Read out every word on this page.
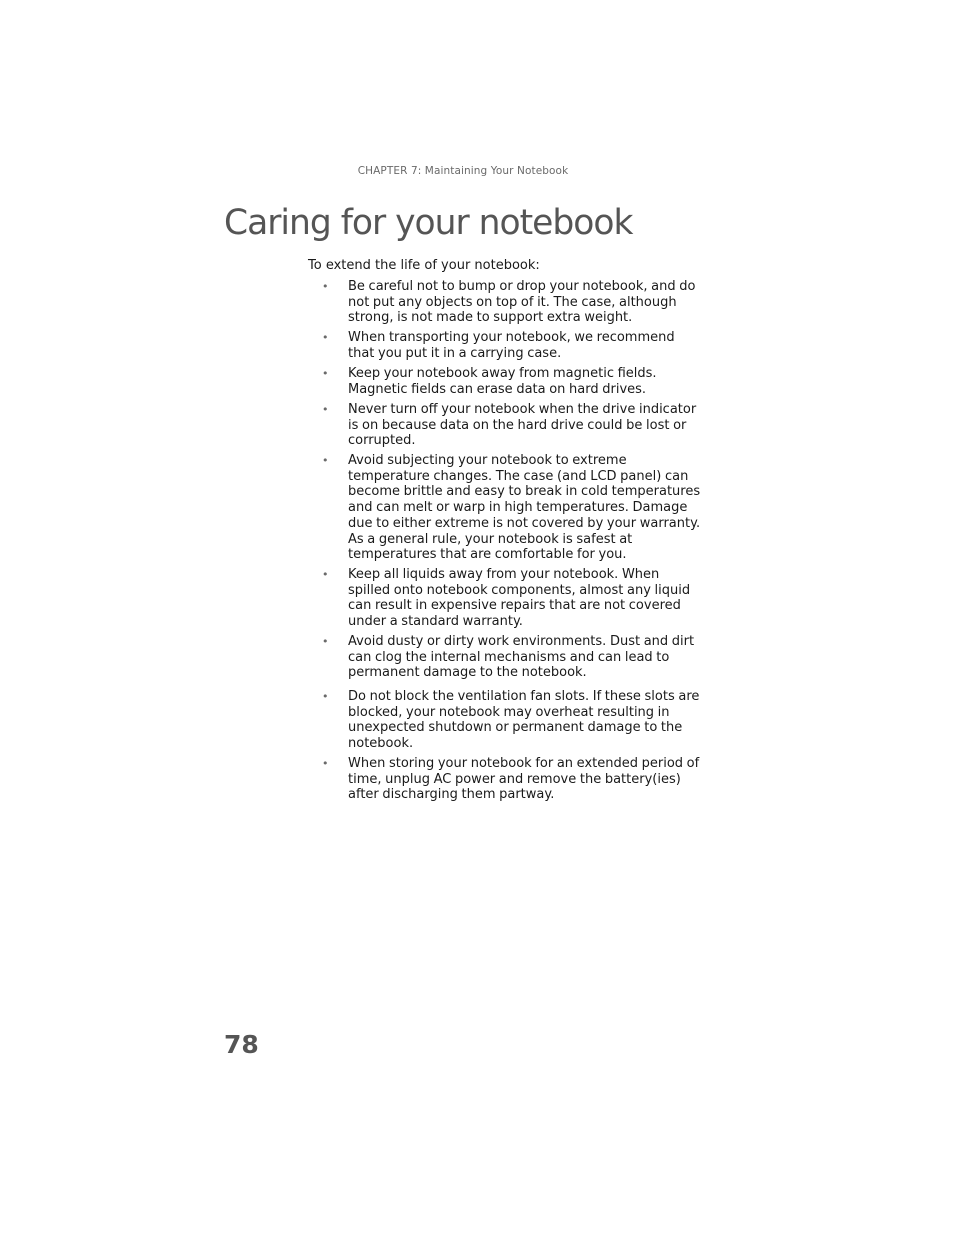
CHAPTER 7: Maintaining Your Notebook
Caring for your notebook

To extend the life of your notebook:

• Be careful not to bump or drop your notebook, and do not put any objects on top of it. The case, although strong, is not made to support extra weight.
• When transporting your notebook, we recommend that you put it in a carrying case.
• Keep your notebook away from magnetic fields. Magnetic fields can erase data on hard drives.
• Never turn off your notebook when the drive indicator is on because data on the hard drive could be lost or corrupted.
• Avoid subjecting your notebook to extreme temperature changes. The case (and LCD panel) can become brittle and easy to break in cold temperatures and can melt or warp in high temperatures. Damage due to either extreme is not covered by your warranty. As a general rule, your notebook is safest at temperatures that are comfortable for you.
• Keep all liquids away from your notebook. When spilled onto notebook components, almost any liquid can result in expensive repairs that are not covered under a standard warranty.
• Avoid dusty or dirty work environments. Dust and dirt can clog the internal mechanisms and can lead to permanent damage to the notebook.
• Do not block the ventilation fan slots. If these slots are blocked, your notebook may overheat resulting in unexpected shutdown or permanent damage to the notebook.
• When storing your notebook for an extended period of time, unplug AC power and remove the battery(ies) after discharging them partway.
78
